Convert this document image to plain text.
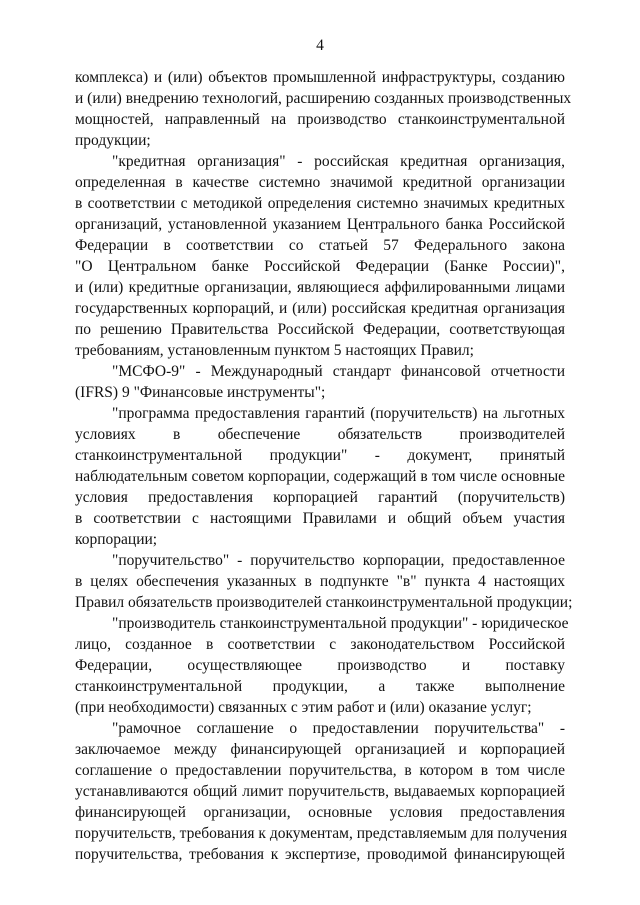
4
комплекса) и (или) объектов промышленной инфраструктуры, созданию
и (или) внедрению технологий, расширению созданных производственных
мощностей, направленный на производство станкоинструментальной
продукции;
"кредитная организация" - российская кредитная организация,
определенная в качестве системно значимой кредитной организации
в соответствии с методикой определения системно значимых кредитных
организаций, установленной указанием Центрального банка Российской
Федерации в соответствии со статьей 57 Федерального закона
"О Центральном банке Российской Федерации (Банке России)",
и (или) кредитные организации, являющиеся аффилированными лицами
государственных корпораций, и (или) российская кредитная организация
по решению Правительства Российской Федерации, соответствующая
требованиям, установленным пунктом 5 настоящих Правил;
"МСФО-9" - Международный стандарт финансовой отчетности
(IFRS) 9 "Финансовые инструменты";
"программа предоставления гарантий (поручительств) на льготных
условиях в обеспечение обязательств производителей
станкоинструментальной продукции" - документ, принятый
наблюдательным советом корпорации, содержащий в том числе основные
условия предоставления корпорацией гарантий (поручительств)
в соответствии с настоящими Правилами и общий объем участия
корпорации;
"поручительство" - поручительство корпорации, предоставленное
в целях обеспечения указанных в подпункте "в" пункта 4 настоящих
Правил обязательств производителей станкоинструментальной продукции;
"производитель станкоинструментальной продукции" - юридическое
лицо, созданное в соответствии с законодательством Российской
Федерации, осуществляющее производство и поставку
станкоинструментальной продукции, а также выполнение
(при необходимости) связанных с этим работ и (или) оказание услуг;
"рамочное соглашение о предоставлении поручительства" -
заключаемое между финансирующей организацией и корпорацией
соглашение о предоставлении поручительства, в котором в том числе
устанавливаются общий лимит поручительств, выдаваемых корпорацией
финансирующей организации, основные условия предоставления
поручительств, требования к документам, представляемым для получения
поручительства, требования к экспертизе, проводимой финансирующей
